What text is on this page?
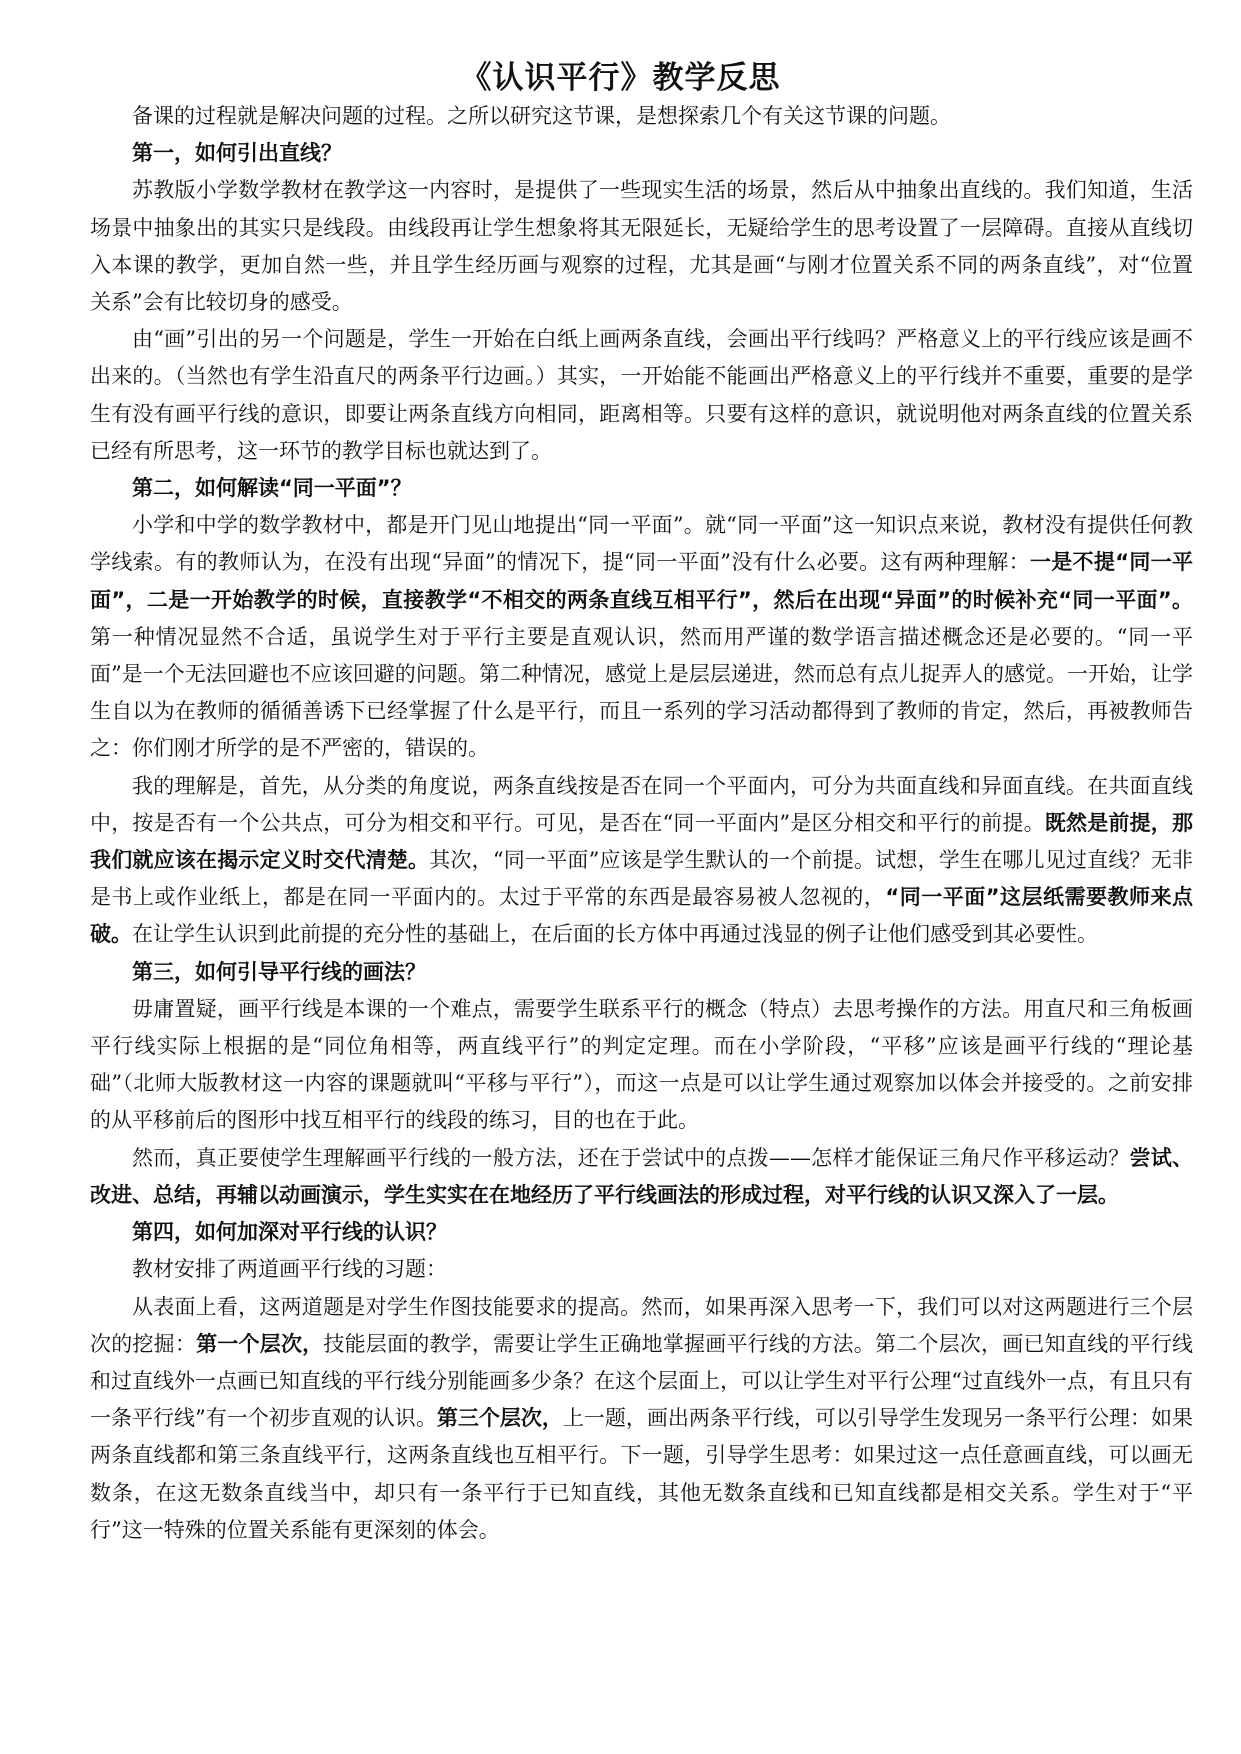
《认识平行》教学反思

备课的过程就是解决问题的过程。之所以研究这节课，是想探索几个有关这节课的问题。

第一，如何引出直线？

苏教版小学数学教材在教学这一内容时，是提供了一些现实生活的场景，然后从中抽象出直线的。我们知道，生活场景中抽象出的其实只是线段。由线段再让学生想象将其无限延长，无疑给学生的思考设置了一层障碍。直接从直线切入本课的教学，更加自然一些，并且学生经历画与观察的过程，尤其是画“与刚才位置关系不同的两条直线”，对“位置关系”会有比较切身的感受。

由“画”引出的另一个问题是，学生一开始在白纸上画两条直线，会画出平行线吗？严格意义上的平行线应该是画不出来的。（当然也有学生沿直尺的两条平行边画。）其实，一开始能不能画出严格意义上的平行线并不重要，重要的是学生有没有画平行线的意识，即要让两条直线方向相同，距离相等。只要有这样的意识，就说明他对两条直线的位置关系已经有所思考，这一环节的教学目标也就达到了。

第二，如何解读“同一平面”？

小学和中学的数学教材中，都是开门见山地提出“同一平面”。就“同一平面”这一知识点来说，教材没有提供任何教学线索。有的教师认为，在没有出现“异面”的情况下，提“同一平面”没有什么必要。这有两种理解：一是不提“同一平面”，二是一开始教学的时候，直接教学“不相交的两条直线互相平行”，然后在出现“异面”的时候补充“同一平面”。第一种情况显然不合适，虽说学生对于平行主要是直观认识，然而用严谨的数学语言描述概念还是必要的。“同一平面”是一个无法回避也不应该回避的问题。第二种情况，感觉上是层层递进，然而总有点儿捉弄人的感觉。一开始，让学生自以为在教师的循循善诱下已经掌握了什么是平行，而且一系列的学习活动都得到了教师的肯定，然后，再被教师告之：你们刚才所学的是不严密的，错误的。

我的理解是，首先，从分类的角度说，两条直线按是否在同一个平面内，可分为共面直线和异面直线。在共面直线中，按是否有一个公共点，可分为相交和平行。可见，是否在“同一平面内”是区分相交和平行的前提。既然是前提，那我们就应该在揭示定义时交代清楚。其次，“同一平面”应该是学生默认的一个前提。试想，学生在哪儿见过直线？无非是书上或作业纸上，都是在同一平面内的。太过于平常的东西是最容易被人忽视的，“同一平面”这层纸需要教师来点破。在让学生认识到此前提的充分性的基础上，在后面的长方体中再通过浅显的例子让他们感受到其必要性。

第三，如何引导平行线的画法？

毋庸置疑，画平行线是本课的一个难点，需要学生联系平行的概念（特点）去思考操作的方法。用直尺和三角板画平行线实际上根据的是“同位角相等，两直线平行”的判定定理。而在小学阶段，“平移”应该是画平行线的“理论基础”（北师大版教材这一内容的课题就叫“平移与平行”），而这一点是可以让学生通过观察加以体会并接受的。之前安排的从平移前后的图形中找互相平行的线段的练习，目的也在于此。

然而，真正要使学生理解画平行线的一般方法，还在于尝试中的点拨——怎样才能保证三角尺作平移运动？尝试、改进、总结，再辅以动画演示，学生实实在在地经历了平行线画法的形成过程，对平行线的认识又深入了一层。

第四，如何加深对平行线的认识？

教材安排了两道画平行线的习题：

从表面上看，这两道题是对学生作图技能要求的提高。然而，如果再深入思考一下，我们可以对这两题进行三个层次的挖掘：第一个层次，技能层面的教学，需要让学生正确地掌握画平行线的方法。第二个层次，画已知直线的平行线和过直线外一点画已知直线的平行线分别能画多少条？在这个层面上，可以让学生对平行公理“过直线外一点，有且只有一条平行线”有一个初步直观的认识。第三个层次，上一题，画出两条平行线，可以引导学生发现另一条平行公理：如果两条直线都和第三条直线平行，这两条直线也互相平行。下一题，引导学生思考：如果过这一点任意画直线，可以画无数条，在这无数条直线当中，却只有一条平行于已知直线，其他无数条直线和已知直线都是相交关系。学生对于“平行”这一特殊的位置关系能有更深刻的体会。
